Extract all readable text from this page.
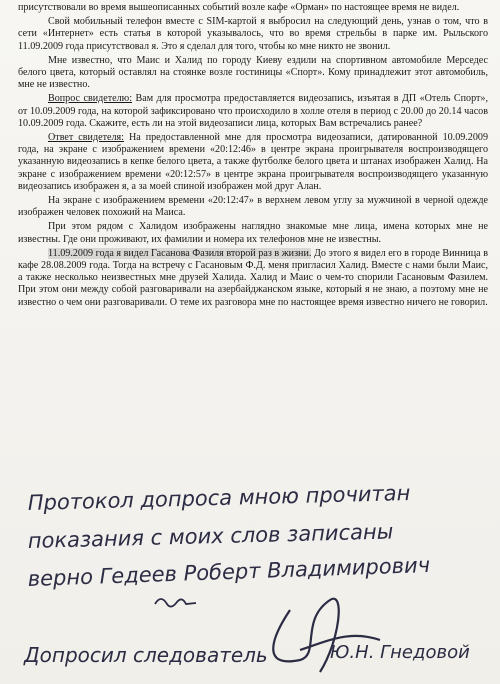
присутствовали во время вышеописанных событий возле кафе «Орман» по настоящее время не видел.

Свой мобильный телефон вместе с SIM-картой я выбросил на следующий день, узнав о том, что в сети «Интернет» есть статья в которой указывалось, что во время стрельбы в парке им. Рыльского 11.09.2009 года присутствовал я. Это я сделал для того, чтобы ко мне никто не звонил.

Мне известно, что Маис и Халид по городу Киеву ездили на спортивном автомобиле Мерседес белого цвета, который оставлял на стоянке возле гостиницы «Спорт». Кому принадлежит этот автомобиль, мне не известно.

Вопрос свидетелю: Вам для просмотра предоставляется видеозапись, изъятая в ДП «Отель Спорт», от 10.09.2009 года, на которой зафиксировано что происходило в холле отеля в период с 20.00 до 20.14 часов 10.09.2009 года. Скажите, есть ли на этой видеозаписи лица, которых Вам встречались ранее?

Ответ свидетеля: На предоставленной мне для просмотра видеозаписи, датированной 10.09.2009 года, на экране с изображением времени «20:12:46» в центре экрана проигрывателя воспроизводящего указанную видеозапись в кепке белого цвета, а также футболке белого цвета и штанах изображен Халид. На экране с изображением времени «20:12:57» в центре экрана проигрывателя воспроизводящего указанную видеозапись изображен я, а за моей спиной изображен мой друг Алан.

На экране с изображением времени «20:12:47» в верхнем левом углу за мужчиной в черной одежде изображен человек похожий на Маиса.

При этом рядом с Халидом изображены наглядно знакомые мне лица, имена которых мне не известны. Где они проживают, их фамилии и номера их телефонов мне не известны.

11.09.2009 года я видел Гасанова Фазиля второй раз в жизни. До этого я видел его в городе Винница в кафе 28.08.2009 года. Тогда на встречу с Гасановым Ф.Д. меня пригласил Халид. Вместе с нами были Маис, а также несколько неизвестных мне друзей Халида. Халид и Маис о чем-то спорили Гасановым Фазилем. При этом они между собой разговаривали на азербайджанском языке, который я не знаю, а поэтому мне не известно о чем они разговаривали. О теме их разговора мне по настоящее время известно ничего не говорил.

Протокол допроса мною прочитан
показания с моих слов записаны
верно Гедеев Роберт Владимирович
Допросил следователь	Ю.Н. Гнедовой
